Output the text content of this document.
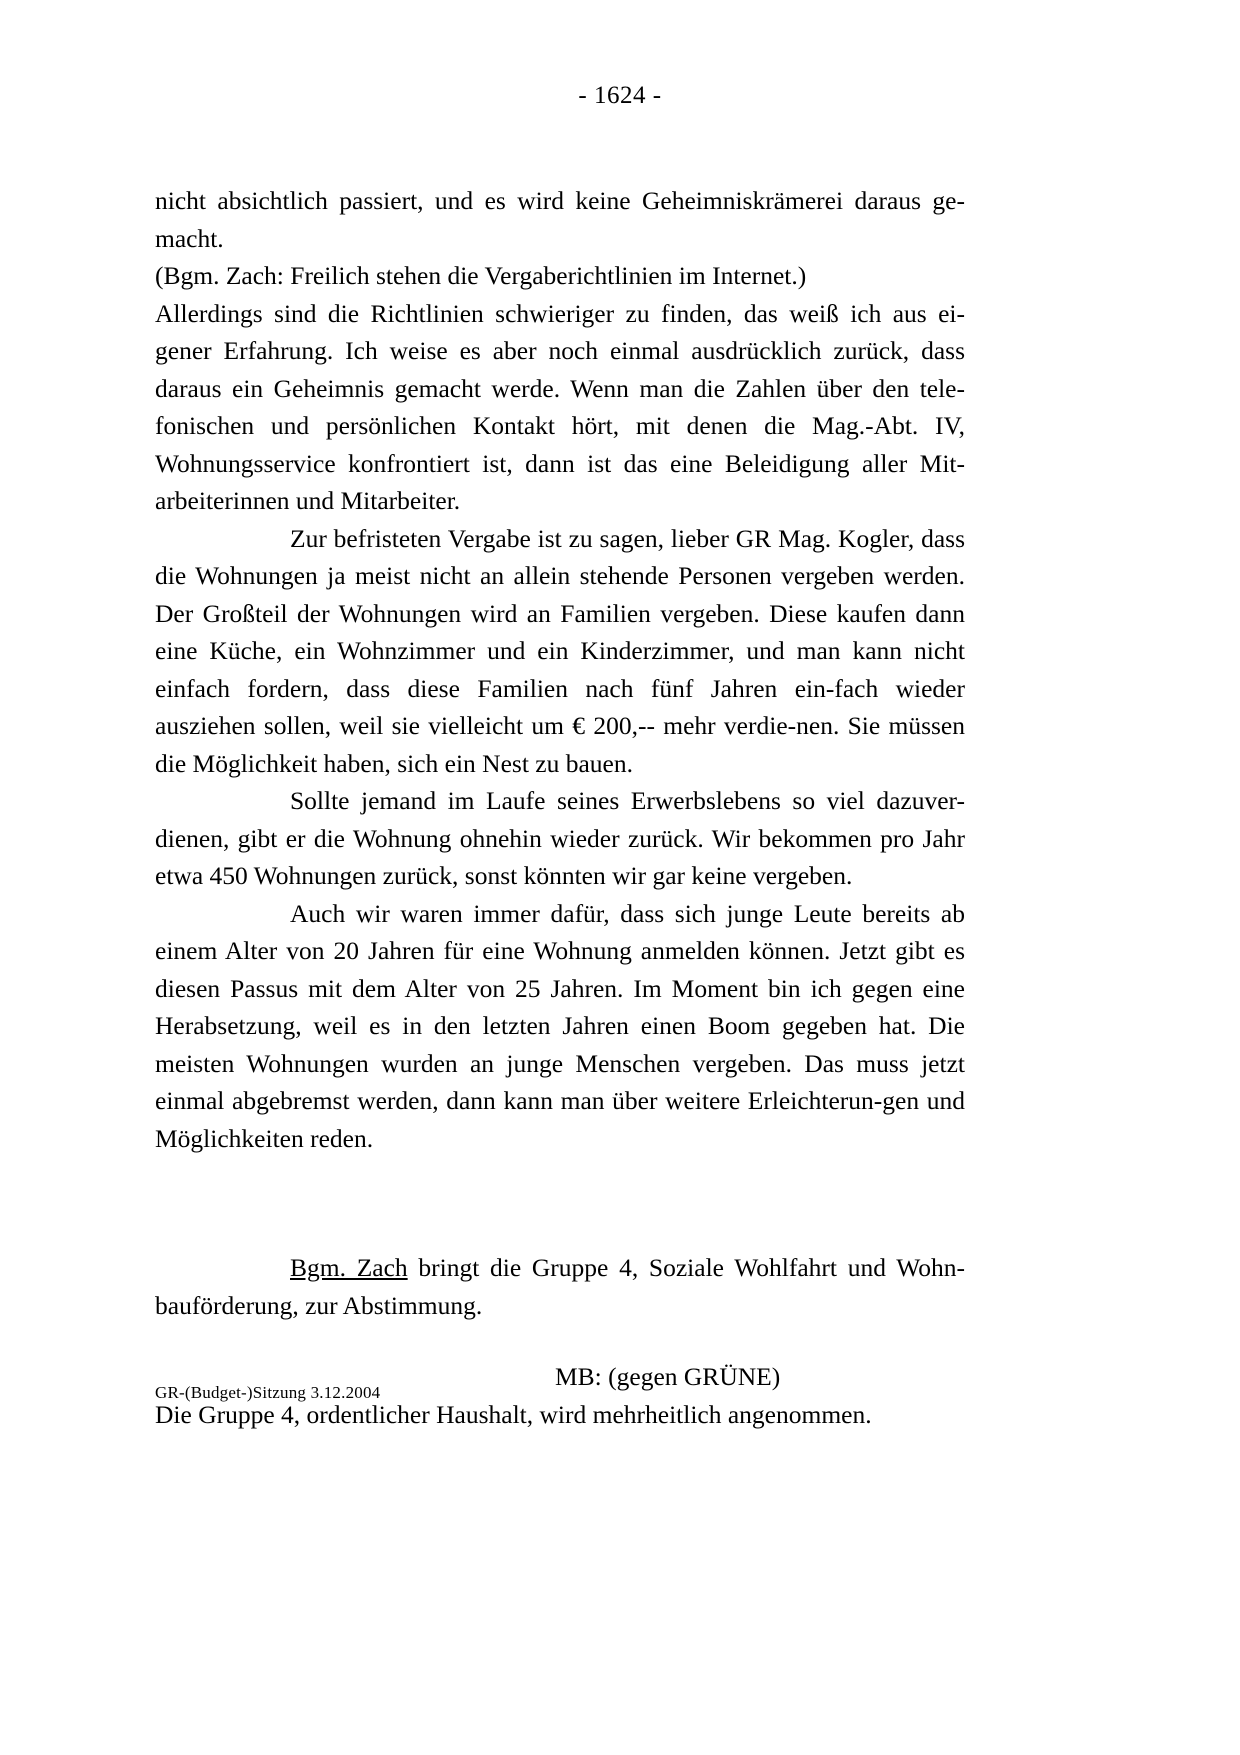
- 1624 -

nicht absichtlich passiert, und es wird keine Geheimniskrämerei daraus ge-macht.

(Bgm. Zach: Freilich stehen die Vergaberichtlinien im Internet.)

Allerdings sind die Richtlinien schwieriger zu finden, das weiß ich aus ei-gener Erfahrung. Ich weise es aber noch einmal ausdrücklich zurück, dass daraus ein Geheimnis gemacht werde. Wenn man die Zahlen über den tele-fonischen und persönlichen Kontakt hört, mit denen die Mag.-Abt. IV, Wohnungsservice konfrontiert ist, dann ist das eine Beleidigung aller Mit-arbeiterinnen und Mitarbeiter.

Zur befristeten Vergabe ist zu sagen, lieber GR Mag. Kogler, dass die Wohnungen ja meist nicht an allein stehende Personen vergeben werden. Der Großteil der Wohnungen wird an Familien vergeben. Diese kaufen dann eine Küche, ein Wohnzimmer und ein Kinderzimmer, und man kann nicht einfach fordern, dass diese Familien nach fünf Jahren ein-fach wieder ausziehen sollen, weil sie vielleicht um € 200,-- mehr verdie-nen. Sie müssen die Möglichkeit haben, sich ein Nest zu bauen.

Sollte jemand im Laufe seines Erwerbslebens so viel dazuver-dienen, gibt er die Wohnung ohnehin wieder zurück. Wir bekommen pro Jahr etwa 450 Wohnungen zurück, sonst könnten wir gar keine vergeben.

Auch wir waren immer dafür, dass sich junge Leute bereits ab einem Alter von 20 Jahren für eine Wohnung anmelden können. Jetzt gibt es diesen Passus mit dem Alter von 25 Jahren. Im Moment bin ich gegen eine Herabsetzung, weil es in den letzten Jahren einen Boom gegeben hat. Die meisten Wohnungen wurden an junge Menschen vergeben. Das muss jetzt einmal abgebremst werden, dann kann man über weitere Erleichterun-gen und Möglichkeiten reden.

Bgm. Zach bringt die Gruppe 4, Soziale Wohlfahrt und Wohn-bauförderung, zur Abstimmung.

MB: (gegen GRÜNE)

Die Gruppe 4, ordentlicher Haushalt, wird mehrheitlich angenommen.

GR-(Budget-)Sitzung 3.12.2004
